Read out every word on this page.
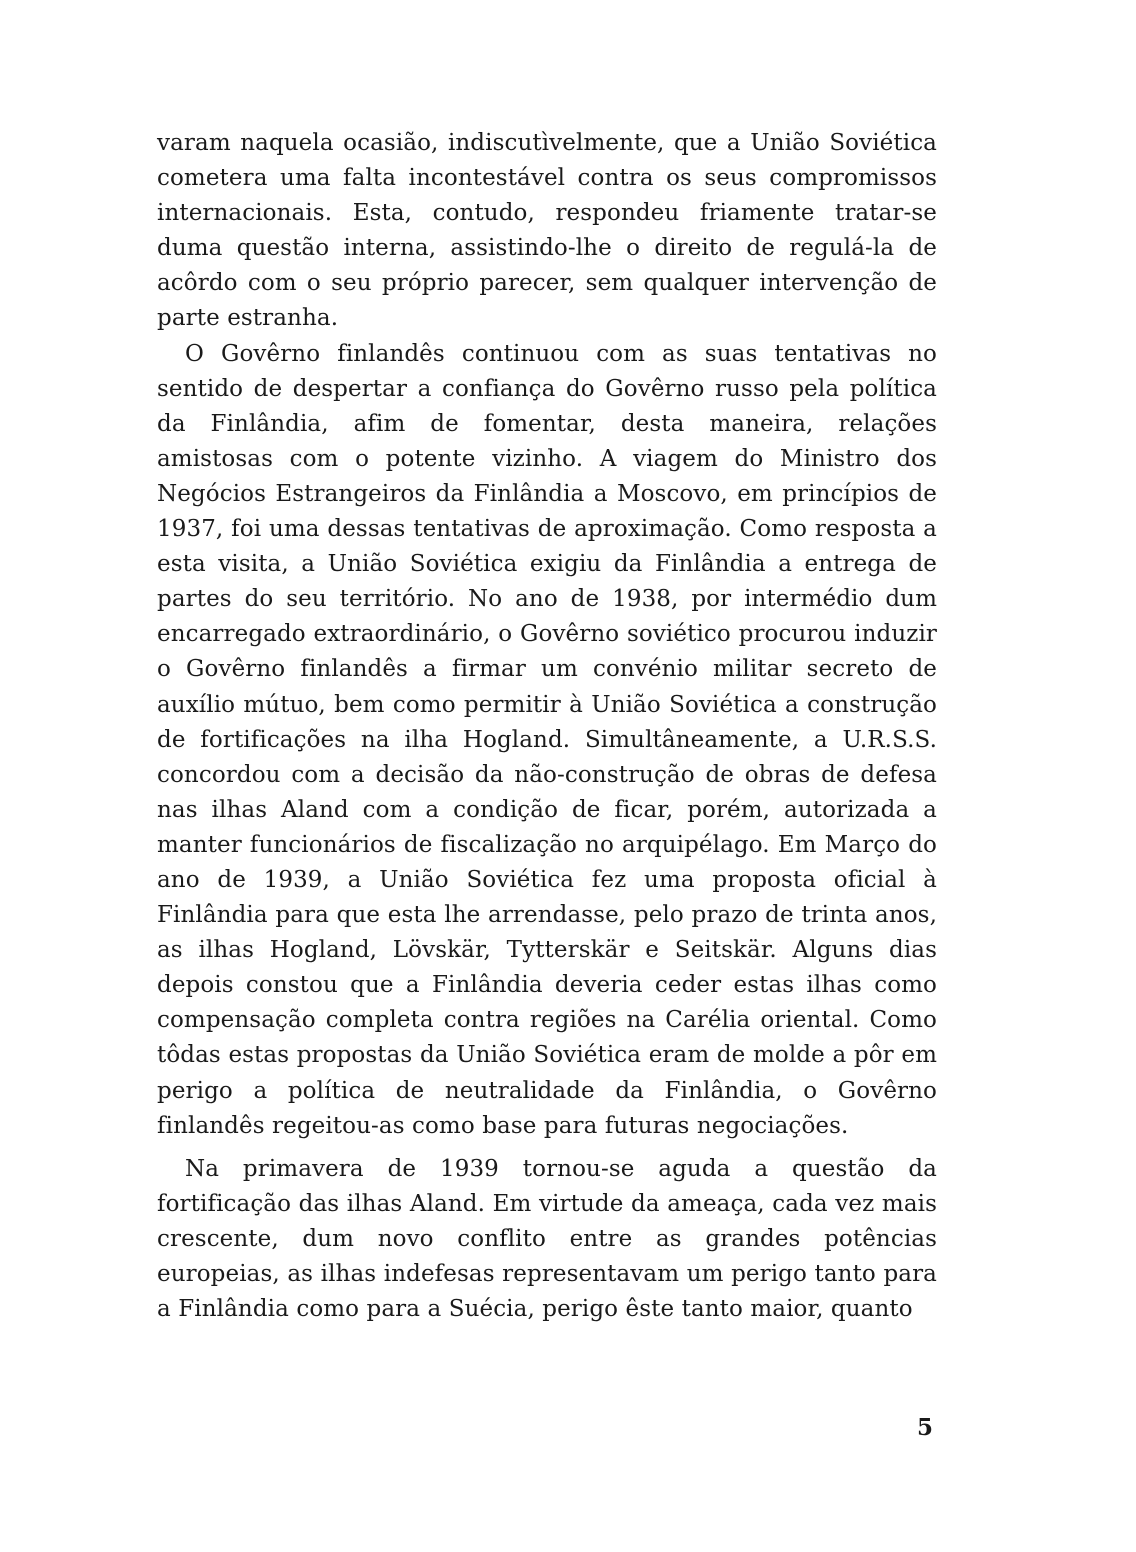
varam naquela ocasião, indiscutìvelmente, que a União Soviética cometera uma falta incontestável contra os seus compromissos internacionais. Esta, contudo, respondeu friamente tratar-se duma questão interna, assistindo-lhe o direito de regulá-la de acôrdo com o seu próprio parecer, sem qualquer intervenção de parte estranha.

O Govêrno finlandês continuou com as suas tentativas no sentido de despertar a confiança do Govêrno russo pela política da Finlândia, afim de fomentar, desta maneira, relações amistosas com o potente vizinho. A viagem do Ministro dos Negócios Estrangeiros da Finlândia a Moscovo, em princípios de 1937, foi uma dessas tentativas de aproximação. Como resposta a esta visita, a União Soviética exigiu da Finlândia a entrega de partes do seu território. No ano de 1938, por intermédio dum encarregado extraordinário, o Govêrno soviético procurou induzir o Govêrno finlandês a firmar um convénio militar secreto de auxílio mútuo, bem como permitir à União Soviética a construção de fortificações na ilha Hogland. Simultâneamente, a U.R.S.S. concordou com a decisão da não-construção de obras de defesa nas ilhas Aland com a condição de ficar, porém, autorizada a manter funcionários de fiscalização no arquipélago. Em Março do ano de 1939, a União Soviética fez uma proposta oficial à Finlândia para que esta lhe arrendasse, pelo prazo de trinta anos, as ilhas Hogland, Lövskär, Tytterskär e Seitskär. Alguns dias depois constou que a Finlândia deveria ceder estas ilhas como compensação completa contra regiões na Carélia oriental. Como tôdas estas propostas da União Soviética eram de molde a pôr em perigo a política de neutralidade da Finlândia, o Govêrno finlandês regeitou-as como base para futuras negociações.

Na primavera de 1939 tornou-se aguda a questão da fortificação das ilhas Aland. Em virtude da ameaça, cada vez mais crescente, dum novo conflito entre as grandes potências europeias, as ilhas indefesas representavam um perigo tanto para a Finlândia como para a Suécia, perigo êste tanto maior, quanto

5
